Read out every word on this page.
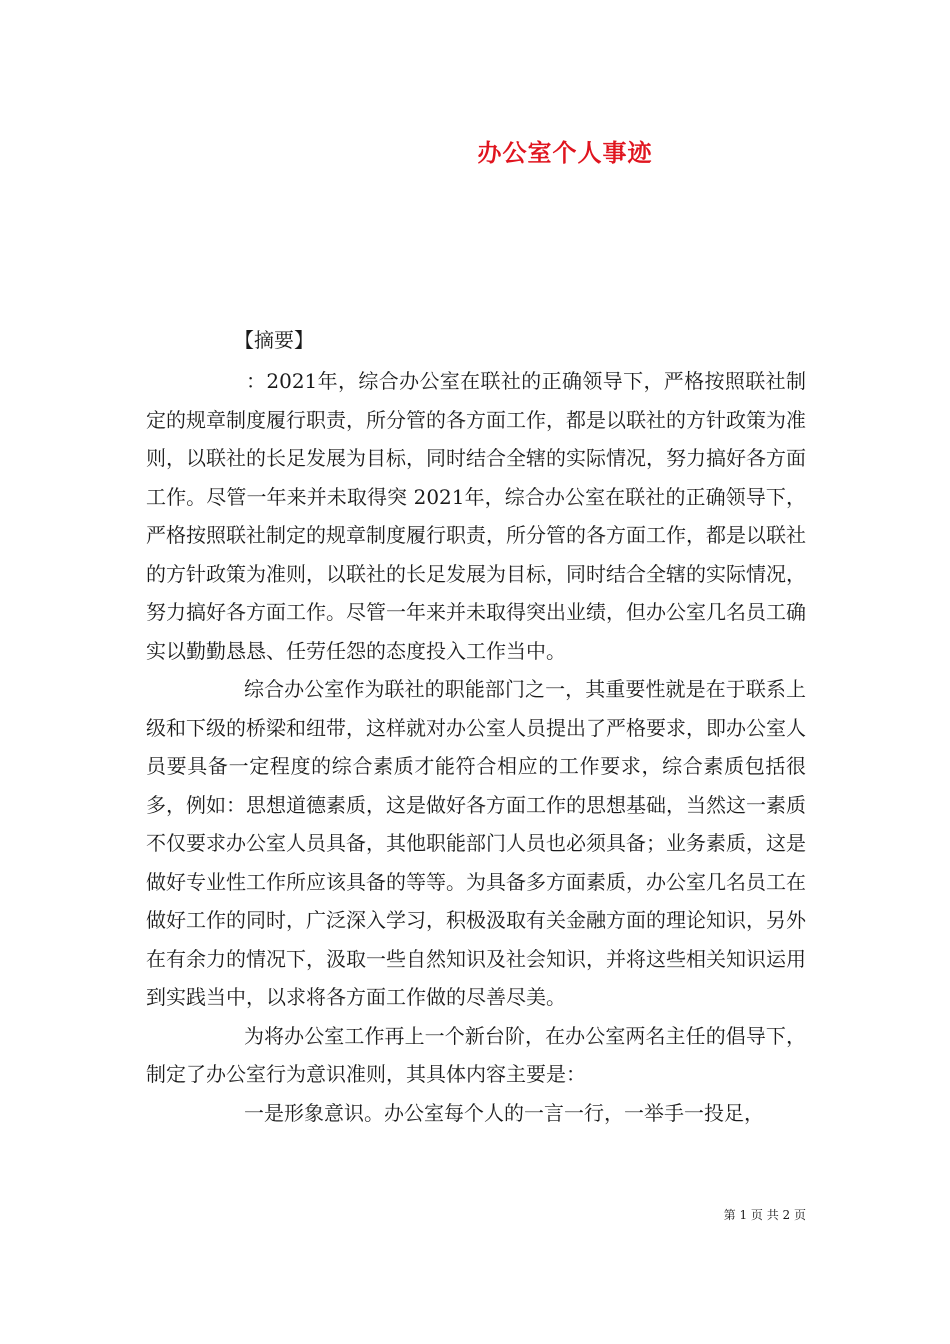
办公室个人事迹
【摘要】

：2021年，综合办公室在联社的正确领导下，严格按照联社制定的规章制度履行职责，所分管的各方面工作，都是以联社的方针政策为准则，以联社的长足发展为目标，同时结合全辖的实际情况，努力搞好各方面工作。尽管一年来并未取得突 2021年，综合办公室在联社的正确领导下，严格按照联社制定的规章制度履行职责，所分管的各方面工作，都是以联社的方针政策为准则，以联社的长足发展为目标，同时结合全辖的实际情况，努力搞好各方面工作。尽管一年来并未取得突出业绩，但办公室几名员工确实以勤勤恳恳、任劳任怨的态度投入工作当中。

综合办公室作为联社的职能部门之一，其重要性就是在于联系上级和下级的桥梁和纽带，这样就对办公室人员提出了严格要求，即办公室人员要具备一定程度的综合素质才能符合相应的工作要求，综合素质包括很多，例如：思想道德素质，这是做好各方面工作的思想基础，当然这一素质不仅要求办公室人员具备，其他职能部门人员也必须具备；业务素质，这是做好专业性工作所应该具备的等等。为具备多方面素质，办公室几名员工在做好工作的同时，广泛深入学习，积极汲取有关金融方面的理论知识，另外在有余力的情况下，汲取一些自然知识及社会知识，并将这些相关知识运用到实践当中，以求将各方面工作做的尽善尽美。

为将办公室工作再上一个新台阶，在办公室两名主任的倡导下，制定了办公室行为意识准则，其具体内容主要是：

一是形象意识。办公室每个人的一言一行，一举手一投足，

第 1 页 共 2 页
